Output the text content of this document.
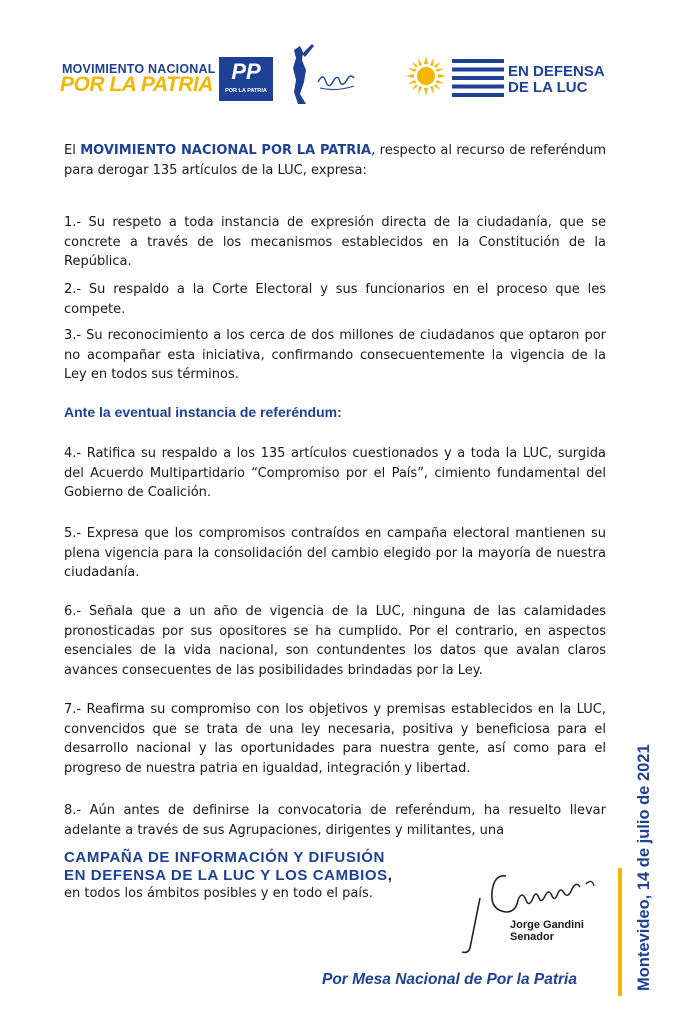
MOVIMIENTO NACIONAL
POR LA PATRIA
PP
POR LA PATRIA
EN DEFENSA
DE LA LUC
El MOVIMIENTO NACIONAL POR LA PATRIA, respecto al recurso de referéndum para derogar 135 artículos de la LUC, expresa:
1.- Su respeto a toda instancia de expresión directa de la ciudadanía, que se concrete a través de los mecanismos establecidos en la Constitución de la República.
2.- Su respaldo a la Corte Electoral y sus funcionarios en el proceso que les compete.
3.- Su reconocimiento a los cerca de dos millones de ciudadanos que optaron por no acompañar esta iniciativa, confirmando consecuentemente la vigencia de la Ley en todos sus términos.
Ante la eventual instancia de referéndum:
4.- Ratifica su respaldo a los 135 artículos cuestionados y a toda la LUC, surgida del Acuerdo Multipartidario “Compromiso por el País”, cimiento fundamental del Gobierno de Coalición.
5.- Expresa que los compromisos contraídos en campaña electoral mantienen su plena vigencia para la consolidación del cambio elegido por la mayoría de nuestra ciudadanía.
6.- Señala que a un año de vigencia de la LUC, ninguna de las calamidades pronosticadas por sus opositores se ha cumplido. Por el contrario, en aspectos esenciales de la vida nacional, son contundentes los datos que avalan claros avances consecuentes de las posibilidades brindadas por la Ley.
7.- Reafirma su compromiso con los objetivos y premisas establecidos en la LUC, convencidos que se trata de una ley necesaria, positiva y beneficiosa para el desarrollo nacional y las oportunidades para nuestra gente, así como para el progreso de nuestra patria en igualdad, integración y libertad.
8.- Aún antes de definirse la convocatoria de referéndum, ha resuelto llevar adelante a través de sus Agrupaciones, dirigentes y militantes, una
CAMPAÑA DE INFORMACIÓN Y DIFUSIÓN
EN DEFENSA DE LA LUC Y LOS CAMBIOS,
en todos los ámbitos posibles y en todo el país.
Jorge Gandini
Senador
Por Mesa Nacional de Por la Patria	Montevideo, 14 de julio de 2021
